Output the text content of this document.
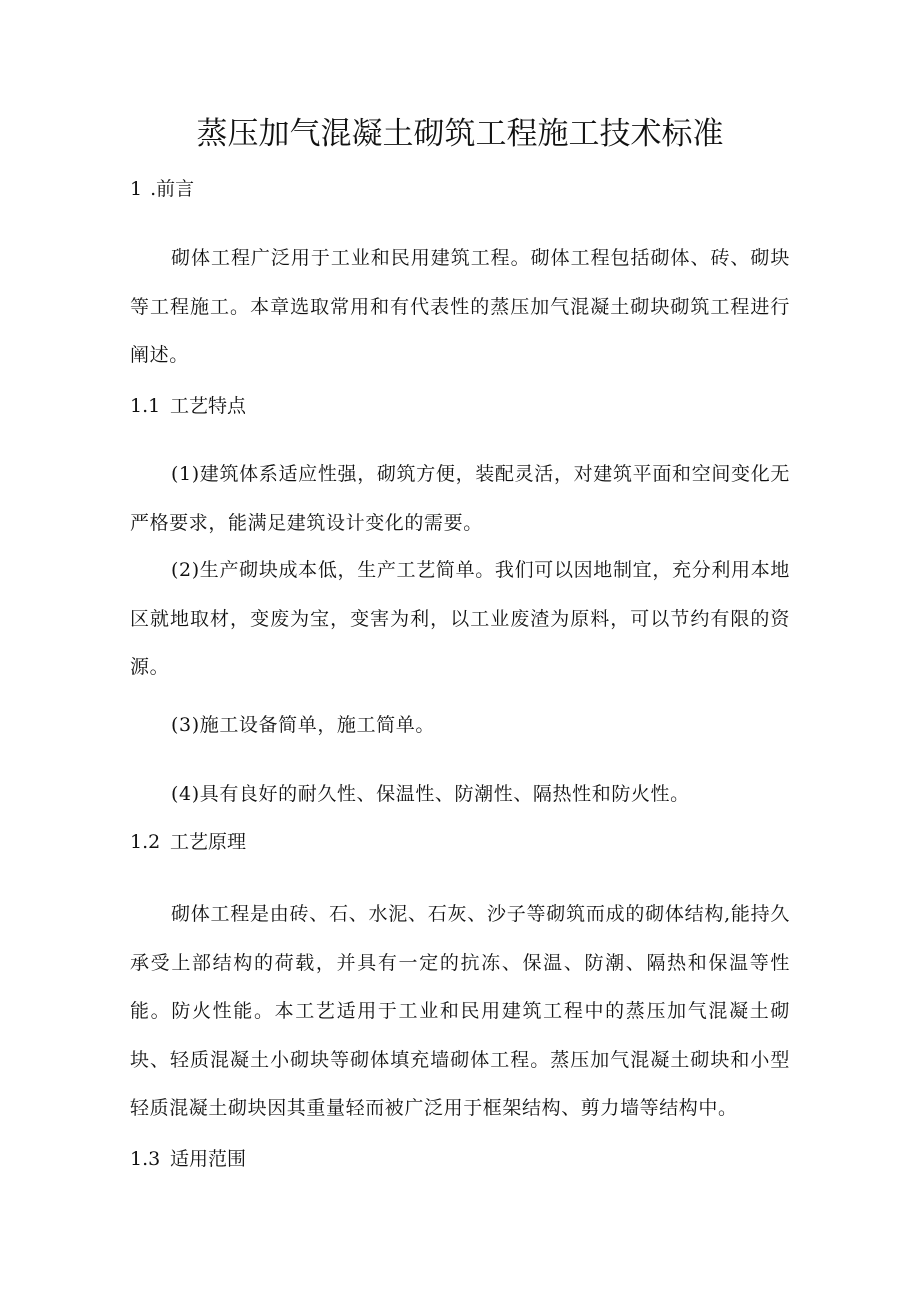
蒸压加气混凝土砌筑工程施工技术标准
1 .前言
砌体工程广泛用于工业和民用建筑工程。砌体工程包括砌体、砖、砌块等工程施工。本章选取常用和有代表性的蒸压加气混凝土砌块砌筑工程进行阐述。
1.1 工艺特点
(1)建筑体系适应性强，砌筑方便，装配灵活，对建筑平面和空间变化无严格要求，能满足建筑设计变化的需要。
(2)生产砌块成本低，生产工艺简单。我们可以因地制宜，充分利用本地区就地取材，变废为宝，变害为利，以工业废渣为原料，可以节约有限的资源。
(3)施工设备简单，施工简单。
(4)具有良好的耐久性、保温性、防潮性、隔热性和防火性。
1.2 工艺原理
砌体工程是由砖、石、水泥、石灰、沙子等砌筑而成的砌体结构,能持久承受上部结构的荷载，并具有一定的抗冻、保温、防潮、隔热和保温等性能。防火性能。本工艺适用于工业和民用建筑工程中的蒸压加气混凝土砌块、轻质混凝土小砌块等砌体填充墙砌体工程。蒸压加气混凝土砌块和小型轻质混凝土砌块因其重量轻而被广泛用于框架结构、剪力墙等结构中。
1.3 适用范围
